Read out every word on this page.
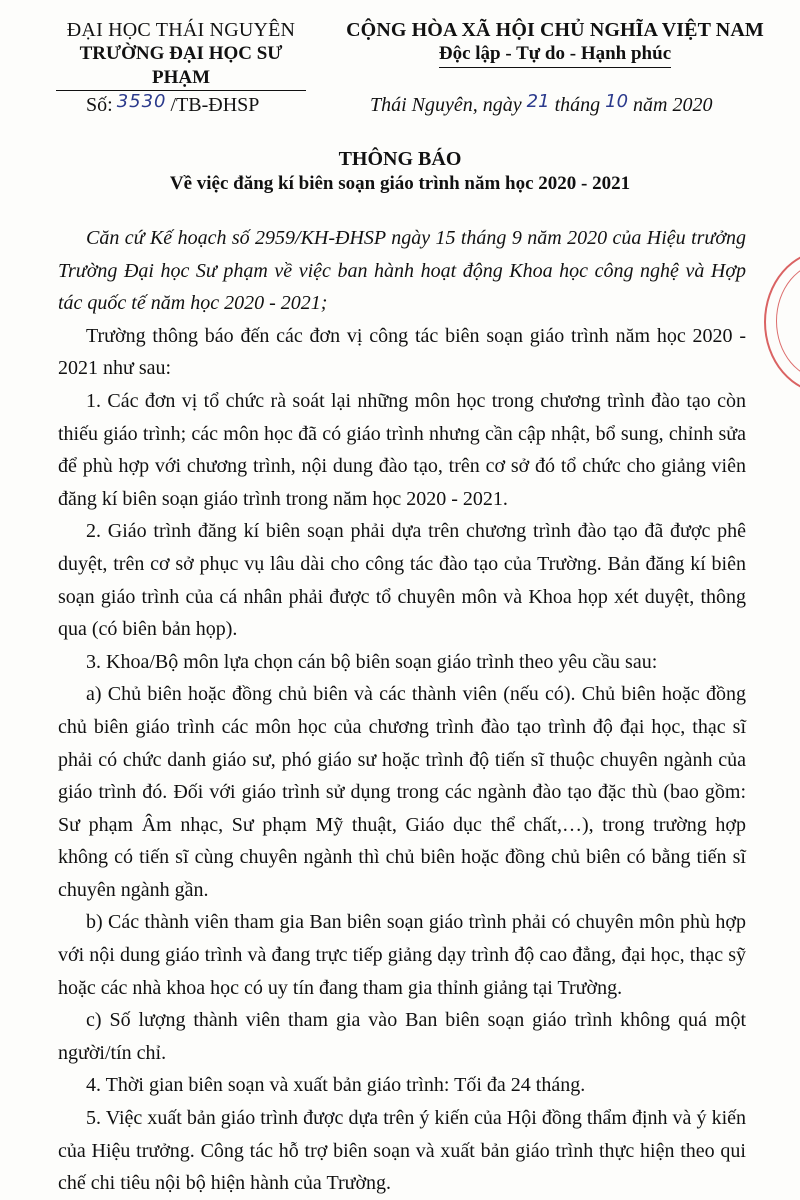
ĐẠI HỌC THÁI NGUYÊN
TRƯỜNG ĐẠI HỌC SƯ PHẠM
CỘNG HÒA XÃ HỘI CHỦ NGHĨA VIỆT NAM
Độc lập - Tự do - Hạnh phúc
Số: 3530 /TB-ĐHSP	Thái Nguyên, ngày 21 tháng 10 năm 2020
THÔNG BÁO
Về việc đăng kí biên soạn giáo trình năm học 2020 - 2021

Căn cứ Kế hoạch số 2959/KH-ĐHSP ngày 15 tháng 9 năm 2020 của Hiệu trưởng Trường Đại học Sư phạm về việc ban hành hoạt động Khoa học công nghệ và Hợp tác quốc tế năm học 2020 - 2021;

Trường thông báo đến các đơn vị công tác biên soạn giáo trình năm học 2020 - 2021 như sau:

1. Các đơn vị tổ chức rà soát lại những môn học trong chương trình đào tạo còn thiếu giáo trình; các môn học đã có giáo trình nhưng cần cập nhật, bổ sung, chỉnh sửa để phù hợp với chương trình, nội dung đào tạo, trên cơ sở đó tổ chức cho giảng viên đăng kí biên soạn giáo trình trong năm học 2020 - 2021.

2. Giáo trình đăng kí biên soạn phải dựa trên chương trình đào tạo đã được phê duyệt, trên cơ sở phục vụ lâu dài cho công tác đào tạo của Trường. Bản đăng kí biên soạn giáo trình của cá nhân phải được tổ chuyên môn và Khoa họp xét duyệt, thông qua (có biên bản họp).

3. Khoa/Bộ môn lựa chọn cán bộ biên soạn giáo trình theo yêu cầu sau:

a) Chủ biên hoặc đồng chủ biên và các thành viên (nếu có). Chủ biên hoặc đồng chủ biên giáo trình các môn học của chương trình đào tạo trình độ đại học, thạc sĩ phải có chức danh giáo sư, phó giáo sư hoặc trình độ tiến sĩ thuộc chuyên ngành của giáo trình đó. Đối với giáo trình sử dụng trong các ngành đào tạo đặc thù (bao gồm: Sư phạm Âm nhạc, Sư phạm Mỹ thuật, Giáo dục thể chất,…), trong trường hợp không có tiến sĩ cùng chuyên ngành thì chủ biên hoặc đồng chủ biên có bằng tiến sĩ chuyên ngành gần.

b) Các thành viên tham gia Ban biên soạn giáo trình phải có chuyên môn phù hợp với nội dung giáo trình và đang trực tiếp giảng dạy trình độ cao đẳng, đại học, thạc sỹ hoặc các nhà khoa học có uy tín đang tham gia thỉnh giảng tại Trường.

c) Số lượng thành viên tham gia vào Ban biên soạn giáo trình không quá một người/tín chỉ.

4. Thời gian biên soạn và xuất bản giáo trình: Tối đa 24 tháng.

5. Việc xuất bản giáo trình được dựa trên ý kiến của Hội đồng thẩm định và ý kiến của Hiệu trưởng. Công tác hỗ trợ biên soạn và xuất bản giáo trình thực hiện theo qui chế chi tiêu nội bộ hiện hành của Trường.
